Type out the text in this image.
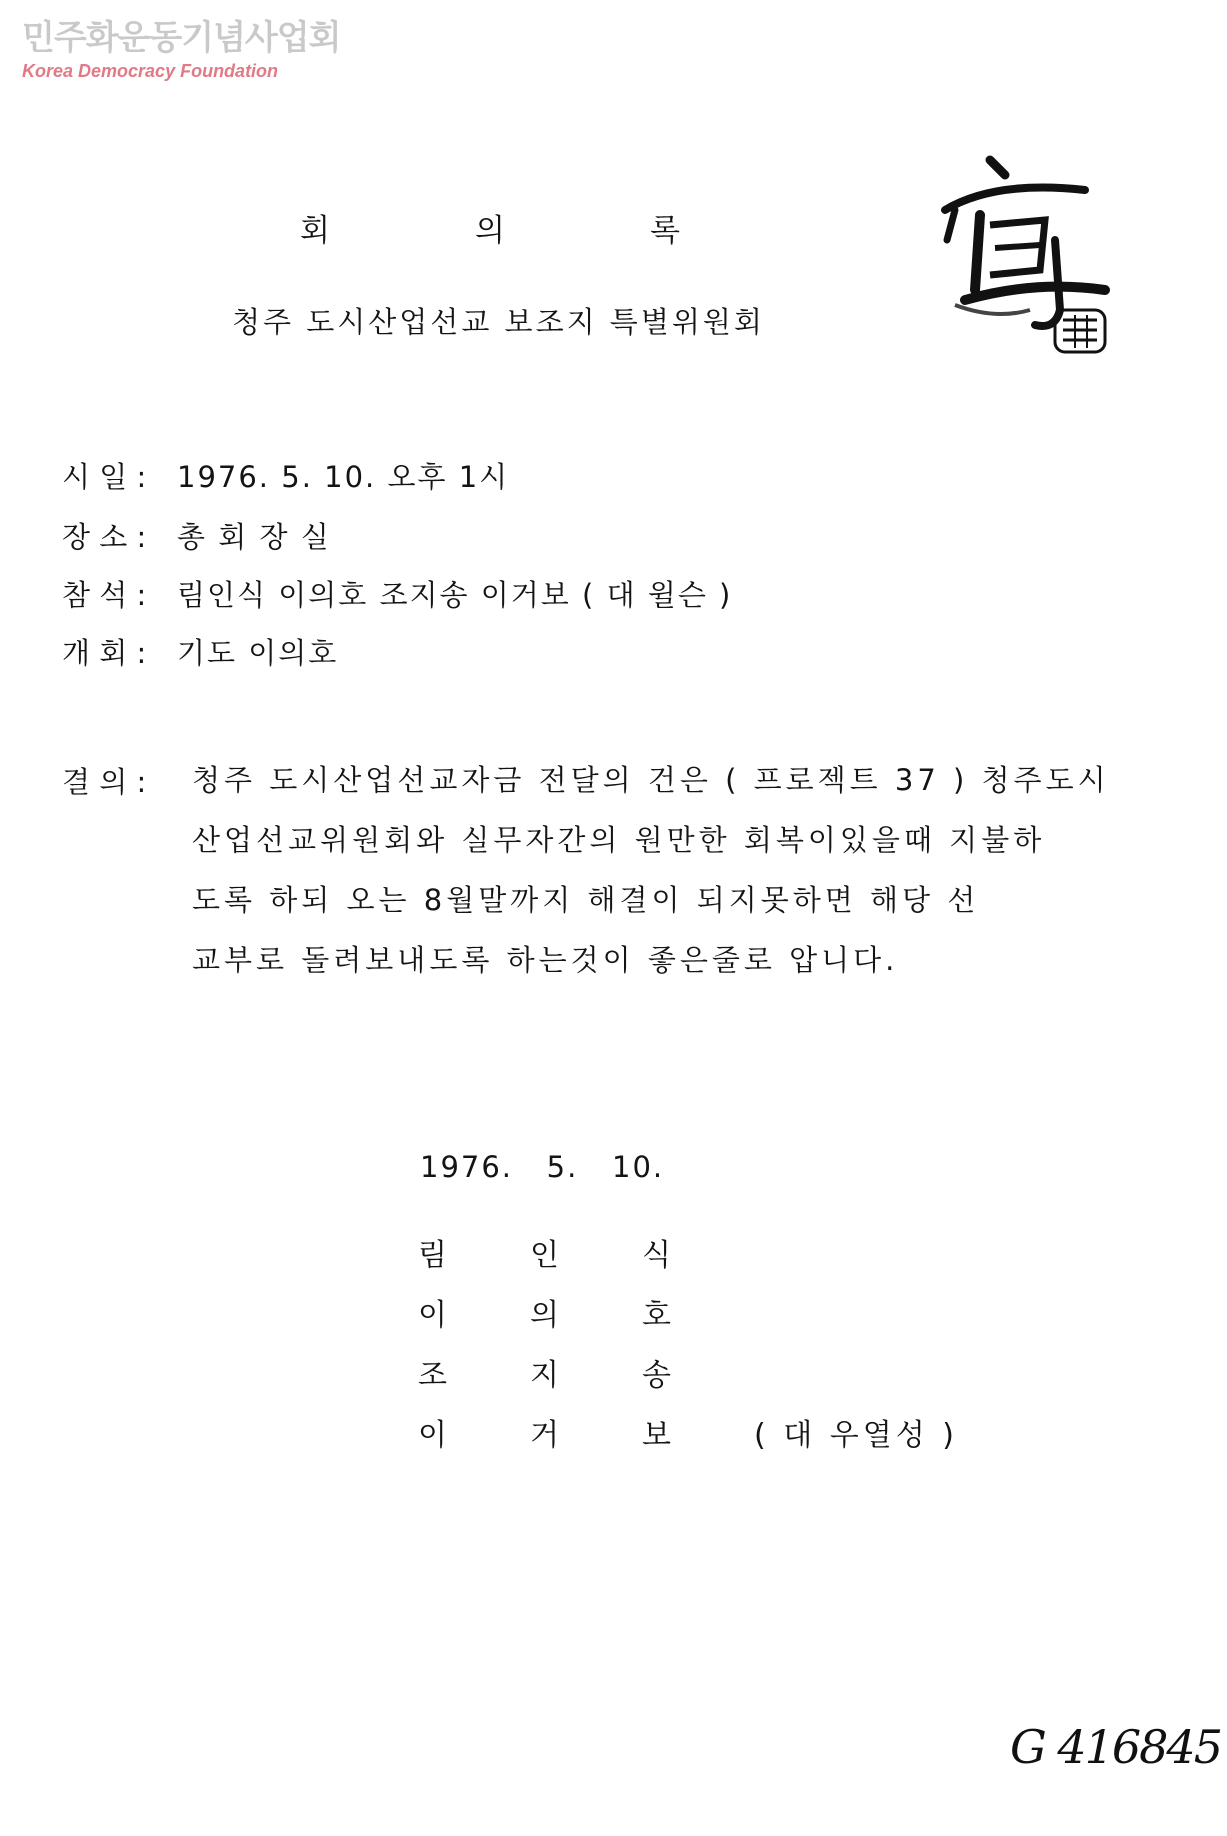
민주화운동기념사업회
Korea Democracy Foundation
회	의	록
청주 도시산업선교 보조지 특별위원회
시 일 :	1976. 5. 10. 오후 1시
장 소 :	총 회 장 실
참 석 :	림인식 이의호 조지송 이거보 ( 대 윌슨 )
개 회 :	기도 이의호
결 의 :	청주 도시산업선교자금 전달의 건은 ( 프로젝트 37 ) 청주도시
산업선교위원회와 실무자간의 원만한 회복이있을때 지불하
도록 하되 오는 8월말까지 해결이 되지못하면 해당 선
교부로 돌려보내도록 하는것이 좋은줄로 압니다.
1976.   5.   10.
림	인	식
이	의	호
조	지	송
이	거	보	( 대 우열성 )
G 416845
